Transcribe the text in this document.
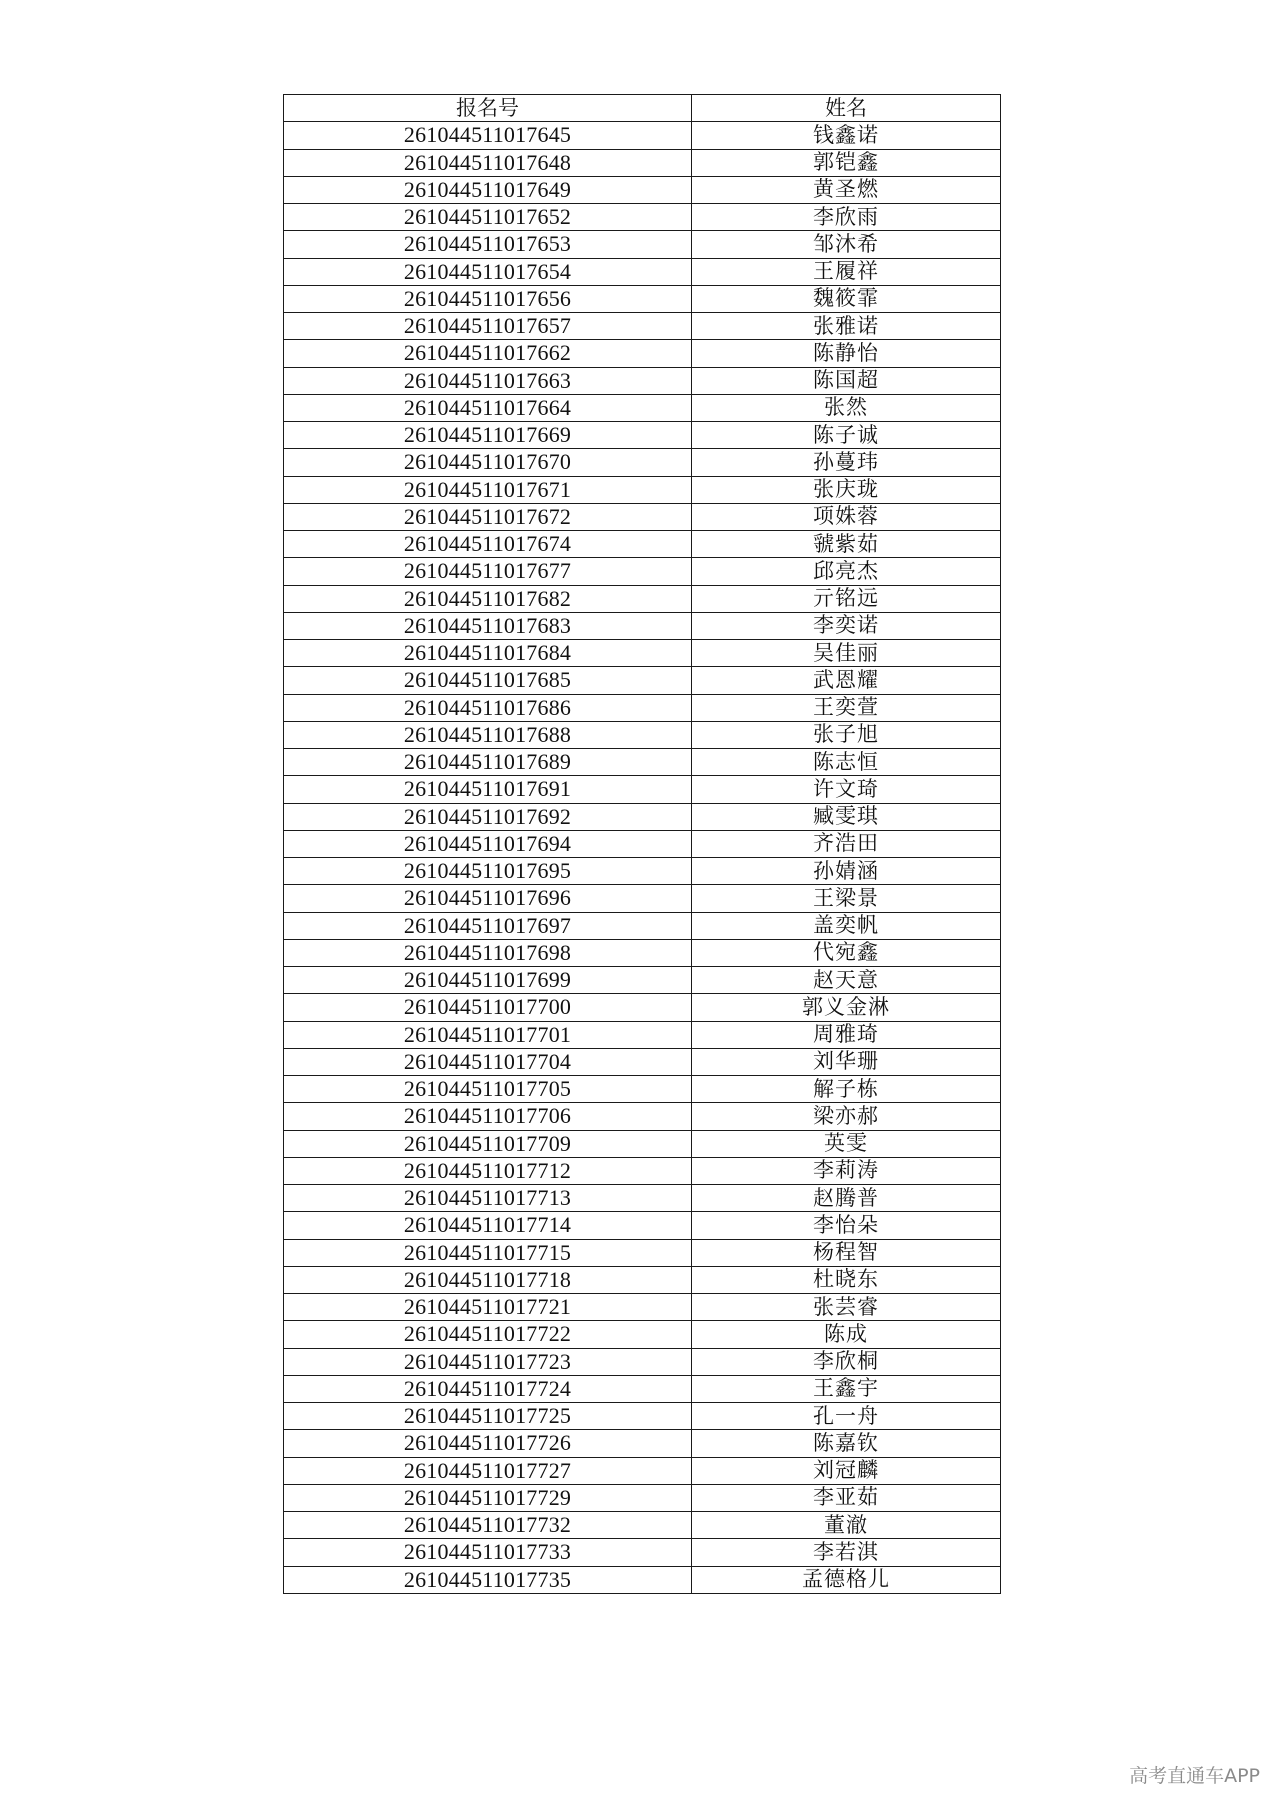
报名号	姓名
261044511017645	钱鑫诺
261044511017648	郭铠鑫
261044511017649	黄圣燃
261044511017652	李欣雨
261044511017653	邹沐希
261044511017654	王履祥
261044511017656	魏筱霏
261044511017657	张雅诺
261044511017662	陈静怡
261044511017663	陈国超
261044511017664	张然
261044511017669	陈子诚
261044511017670	孙蔓玮
261044511017671	张庆珑
261044511017672	项姝蓉
261044511017674	虢紫茹
261044511017677	邱亮杰
261044511017682	亓铭远
261044511017683	李奕诺
261044511017684	吴佳丽
261044511017685	武恩耀
261044511017686	王奕萱
261044511017688	张子旭
261044511017689	陈志恒
261044511017691	许文琦
261044511017692	臧雯琪
261044511017694	齐浩田
261044511017695	孙婧涵
261044511017696	王梁景
261044511017697	盖奕帆
261044511017698	代宛鑫
261044511017699	赵天意
261044511017700	郭义金淋
261044511017701	周雅琦
261044511017704	刘华珊
261044511017705	解子栋
261044511017706	梁亦郝
261044511017709	英雯
261044511017712	李莉涛
261044511017713	赵腾普
261044511017714	李怡朵
261044511017715	杨程智
261044511017718	杜晓东
261044511017721	张芸睿
261044511017722	陈成
261044511017723	李欣桐
261044511017724	王鑫宇
261044511017725	孔一舟
261044511017726	陈嘉钦
261044511017727	刘冠麟
261044511017729	李亚茹
261044511017732	董澈
261044511017733	李若淇
261044511017735	孟德格儿
高考直通车APP
